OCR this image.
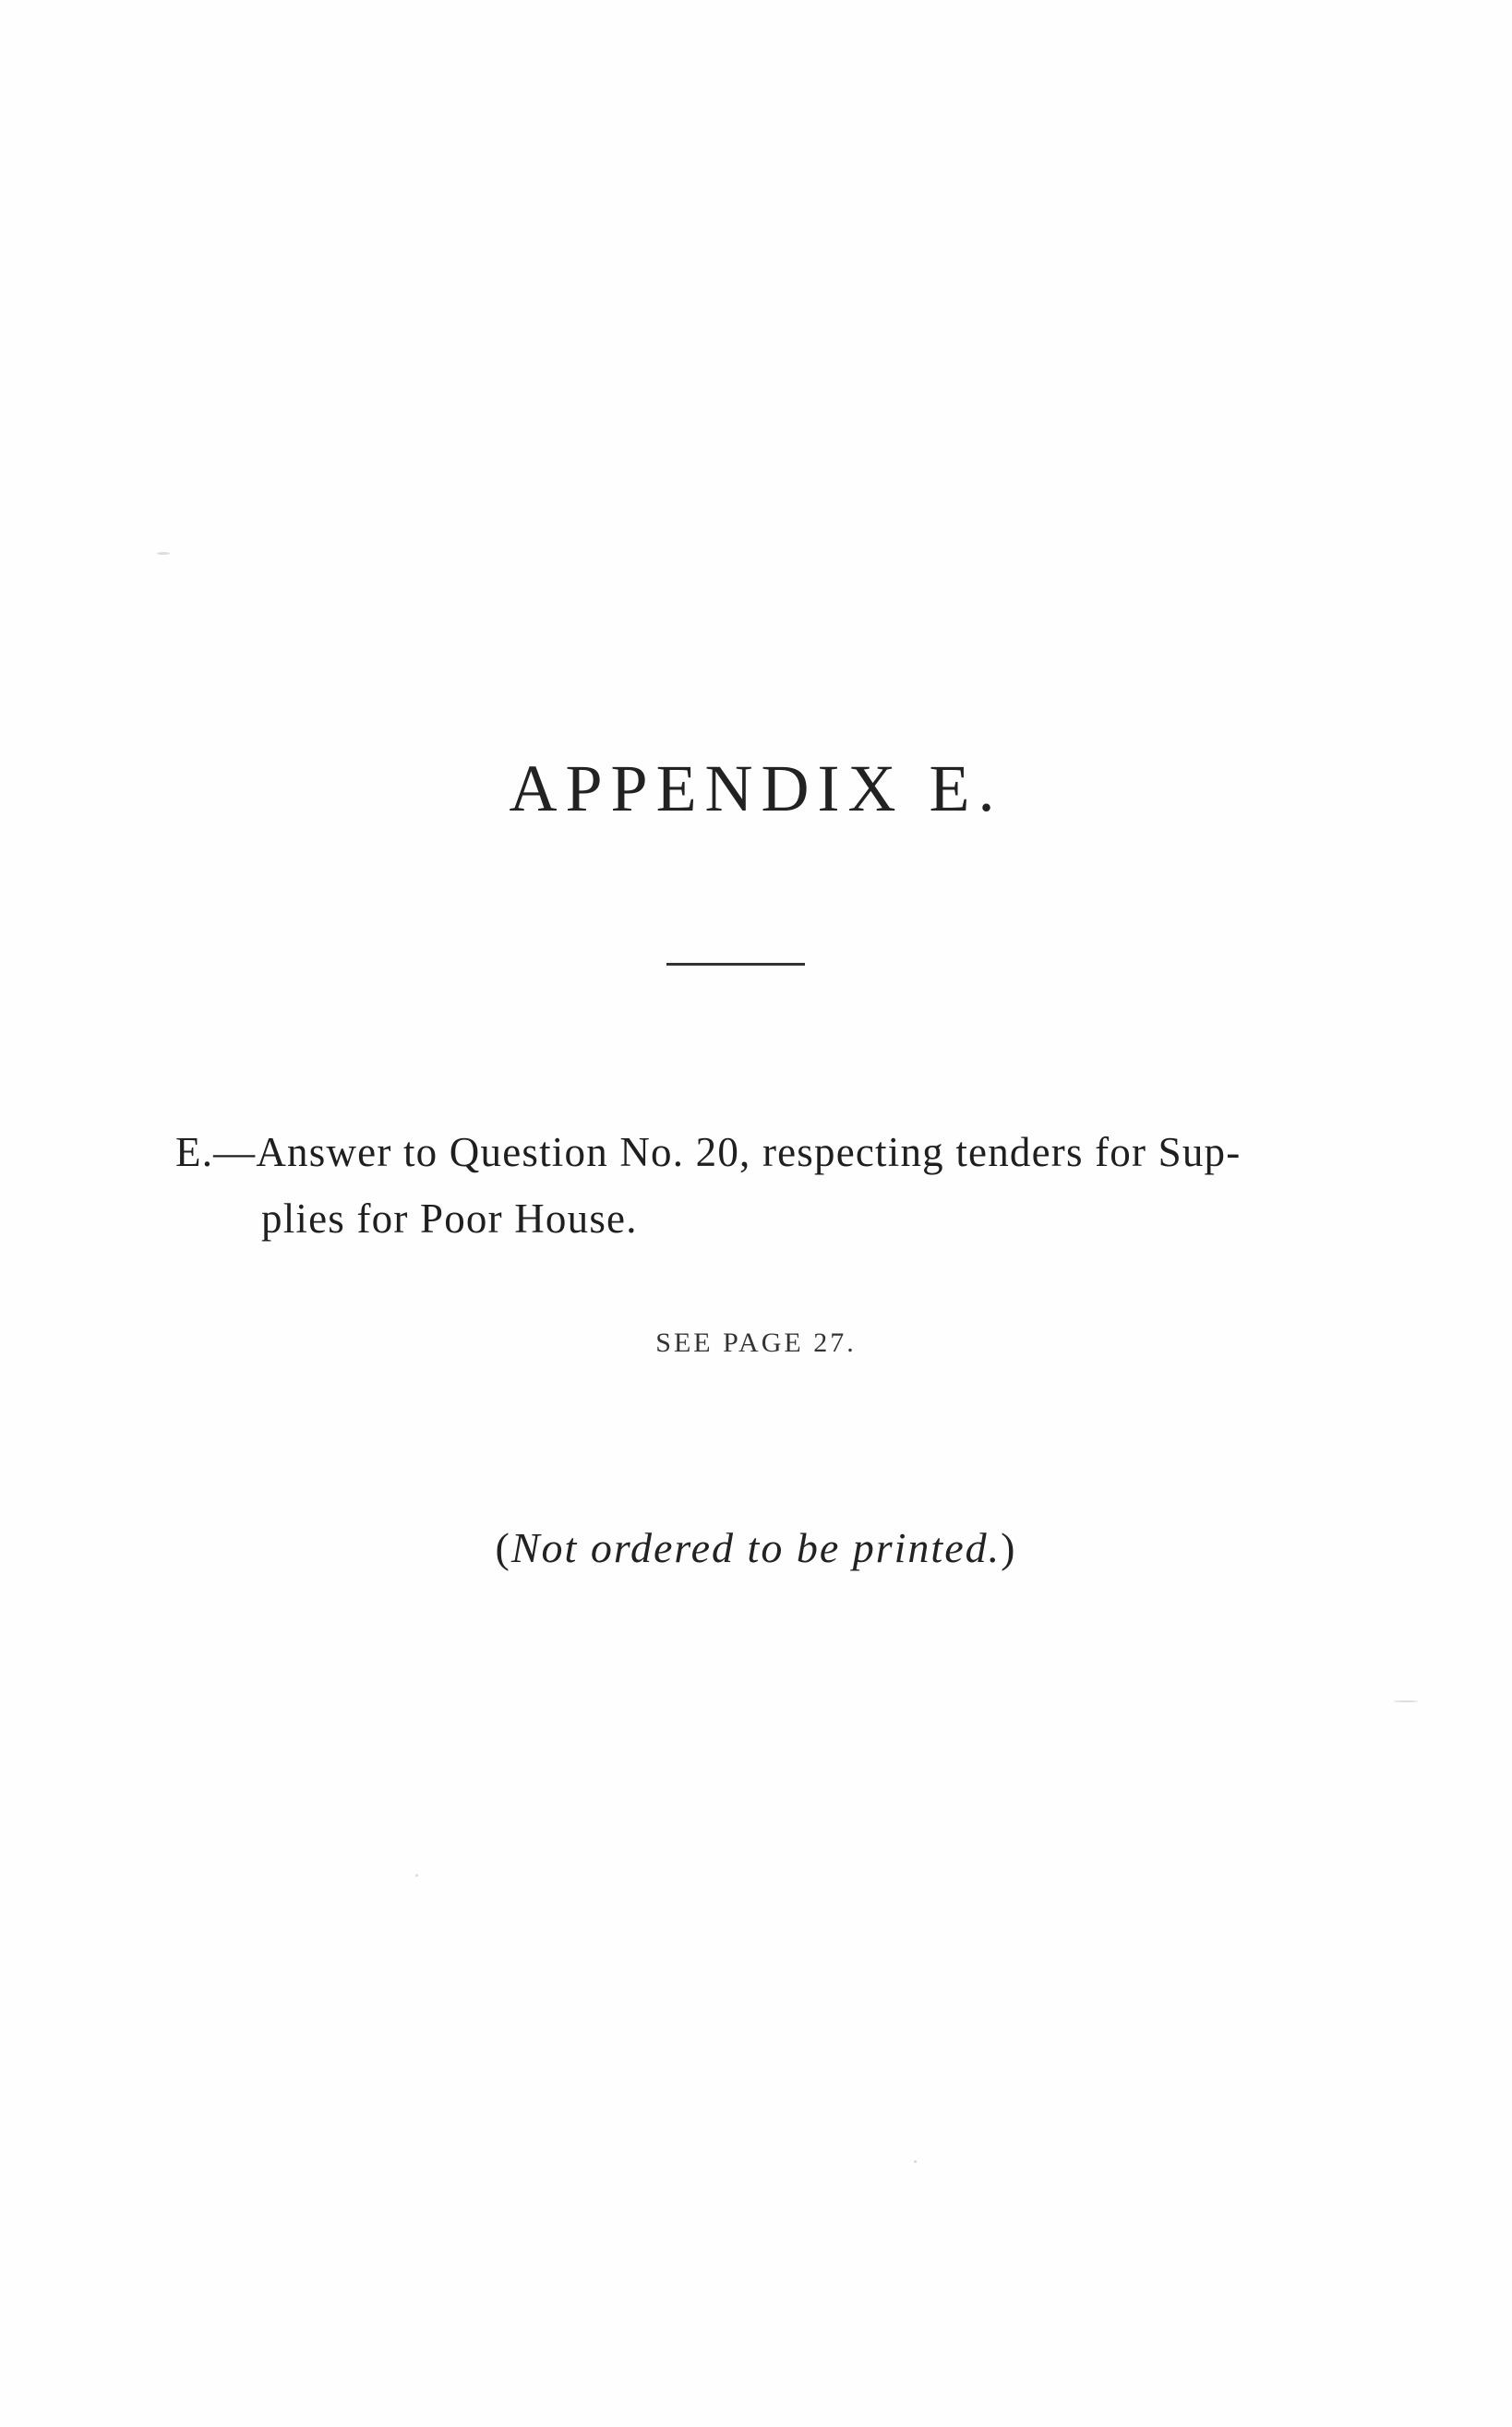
APPENDIX E.
E.—Answer to Question No. 20, respecting tenders for Sup-
plies for Poor House.
SEE PAGE 27.
(Not ordered to be printed.)
